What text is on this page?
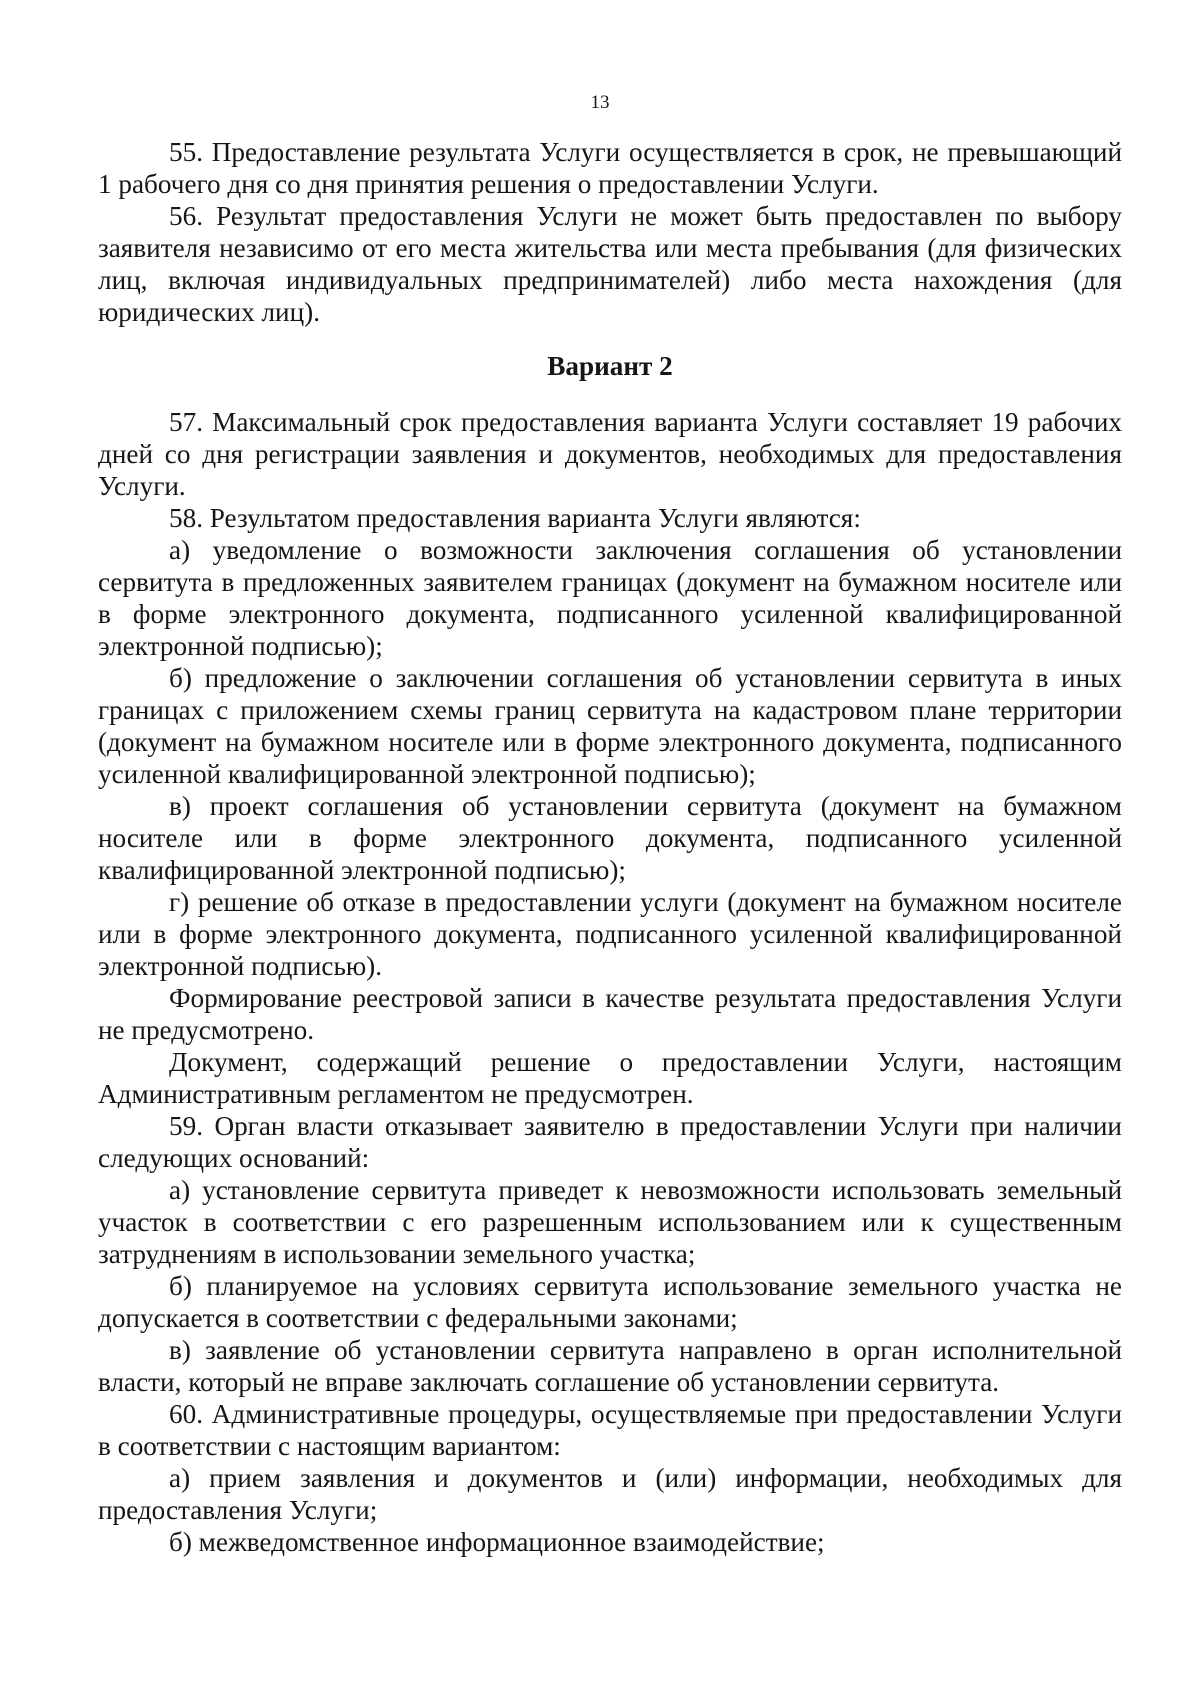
13

55. Предоставление результата Услуги осуществляется в срок, не превышающий 1 рабочего дня со дня принятия решения о предоставлении Услуги.

56. Результат предоставления Услуги не может быть предоставлен по выбору заявителя независимо от его места жительства или места пребывания (для физических лиц, включая индивидуальных предпринимателей) либо места нахождения (для юридических лиц).

Вариант 2

57. Максимальный срок предоставления варианта Услуги составляет 19 рабочих дней со дня регистрации заявления и документов, необходимых для предоставления Услуги.

58. Результатом предоставления варианта Услуги являются:

а) уведомление о возможности заключения соглашения об установлении сервитута в предложенных заявителем границах (документ на бумажном носителе или в форме электронного документа, подписанного усиленной квалифицированной электронной подписью);

б) предложение о заключении соглашения об установлении сервитута в иных границах с приложением схемы границ сервитута на кадастровом плане территории (документ на бумажном носителе или в форме электронного документа, подписанного усиленной квалифицированной электронной подписью);

в) проект соглашения об установлении сервитута (документ на бумажном носителе или в форме электронного документа, подписанного усиленной квалифицированной электронной подписью);

г) решение об отказе в предоставлении услуги (документ на бумажном носителе или в форме электронного документа, подписанного усиленной квалифицированной электронной подписью).

Формирование реестровой записи в качестве результата предоставления Услуги не предусмотрено.

Документ, содержащий решение о предоставлении Услуги, настоящим Административным регламентом не предусмотрен.

59. Орган власти отказывает заявителю в предоставлении Услуги при наличии следующих оснований:

а) установление сервитута приведет к невозможности использовать земельный участок в соответствии с его разрешенным использованием или к существенным затруднениям в использовании земельного участка;

б) планируемое на условиях сервитута использование земельного участка не допускается в соответствии с федеральными законами;

в) заявление об установлении сервитута направлено в орган исполнительной власти, который не вправе заключать соглашение об установлении сервитута.

60. Административные процедуры, осуществляемые при предоставлении Услуги в соответствии с настоящим вариантом:

а) прием заявления и документов и (или) информации, необходимых для предоставления Услуги;

б) межведомственное информационное взаимодействие;
